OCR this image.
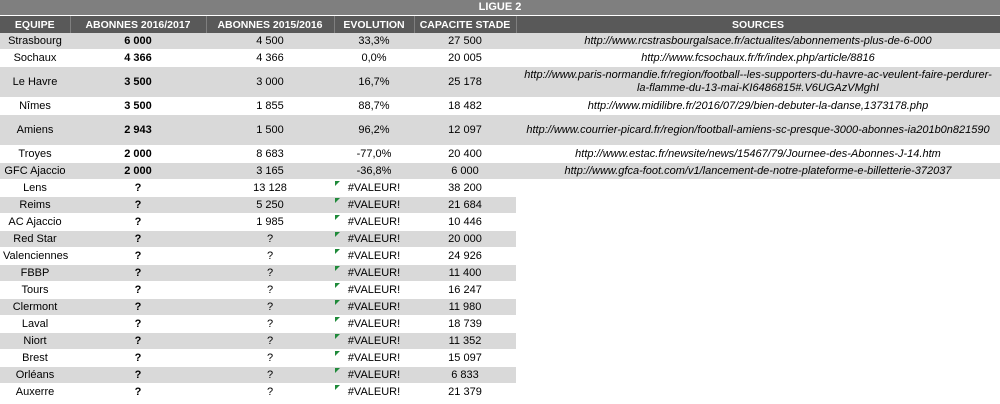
LIGUE 2
EQUIPE	ABONNES 2016/2017	ABONNES 2015/2016	EVOLUTION	CAPACITE STADE	SOURCES
Strasbourg	6 000	4 500	33,3%	27 500	http://www.rcstrasbourgalsace.fr/actualites/abonnements-plus-de-6-000
Sochaux	4 366	4 366	0,0%	20 005	http://www.fcsochaux.fr/fr/index.php/article/8816
Le Havre	3 500	3 000	16,7%	25 178	http://www.paris-normandie.fr/region/football--les-supporters-du-havre-ac-veulent-faire-perdurer-la-flamme-du-13-mai-KI6486815#.V6UGAzVMghI
Nîmes	3 500	1 855	88,7%	18 482	http://www.midilibre.fr/2016/07/29/bien-debuter-la-danse,1373178.php
Amiens	2 943	1 500	96,2%	12 097	http://www.courrier-picard.fr/region/football-amiens-sc-presque-3000-abonnes-ia201b0n821590
Troyes	2 000	8 683	-77,0%	20 400	http://www.estac.fr/newsite/news/15467/79/Journee-des-Abonnes-J-14.htm
GFC Ajaccio	2 000	3 165	-36,8%	6 000	http://www.gfca-foot.com/v1/lancement-de-notre-plateforme-e-billetterie-372037
Lens	?	13 128	#VALEUR!	38 200	
Reims	?	5 250	#VALEUR!	21 684	
AC Ajaccio	?	1 985	#VALEUR!	10 446	
Red Star	?	?	#VALEUR!	20 000	
Valenciennes	?	?	#VALEUR!	24 926	
FBBP	?	?	#VALEUR!	11 400	
Tours	?	?	#VALEUR!	16 247	
Clermont	?	?	#VALEUR!	11 980	
Laval	?	?	#VALEUR!	18 739	
Niort	?	?	#VALEUR!	11 352	
Brest	?	?	#VALEUR!	15 097	
Orléans	?	?	#VALEUR!	6 833	
Auxerre	?	?	#VALEUR!	21 379	
